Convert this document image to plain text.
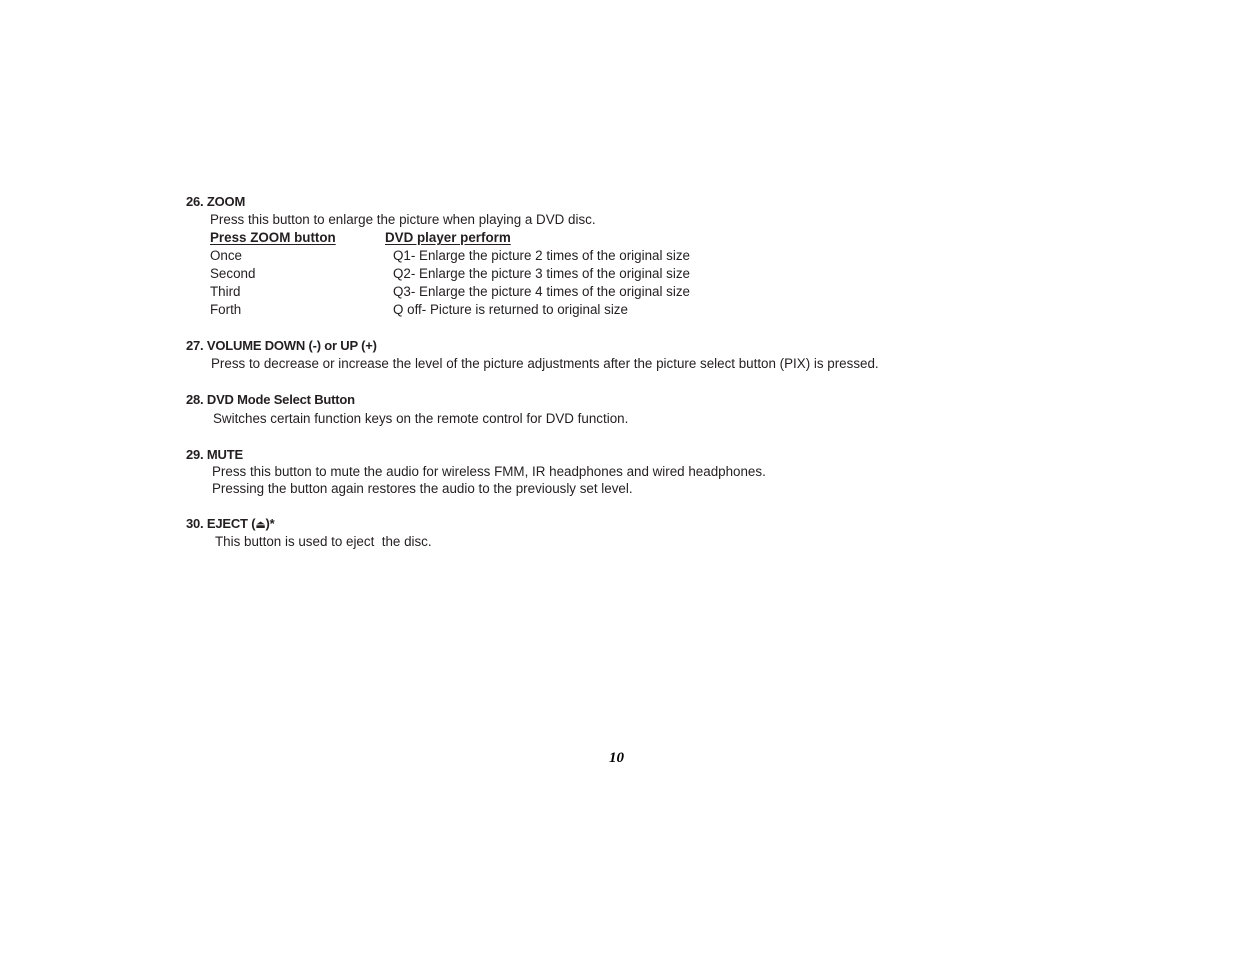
26. ZOOM
Press this button to enlarge the picture when playing a DVD disc.
Press ZOOM button	DVD player perform
Once	Q1- Enlarge the picture 2 times of the original size
Second	Q2- Enlarge the picture 3 times of the original size
Third	Q3- Enlarge the picture 4 times of the original size
Forth	Q off- Picture is returned to original size
27. VOLUME DOWN (-) or UP (+)
Press to decrease or increase the level of the picture adjustments after the picture select button (PIX) is pressed.
28. DVD Mode Select Button
Switches certain function keys on the remote control for DVD function.
29. MUTE
Press this button to mute the audio for wireless FMM, IR headphones and wired headphones.
Pressing the button again restores the audio to the previously set level.
30. EJECT (⏏)*
This button is used to eject  the disc.
10
